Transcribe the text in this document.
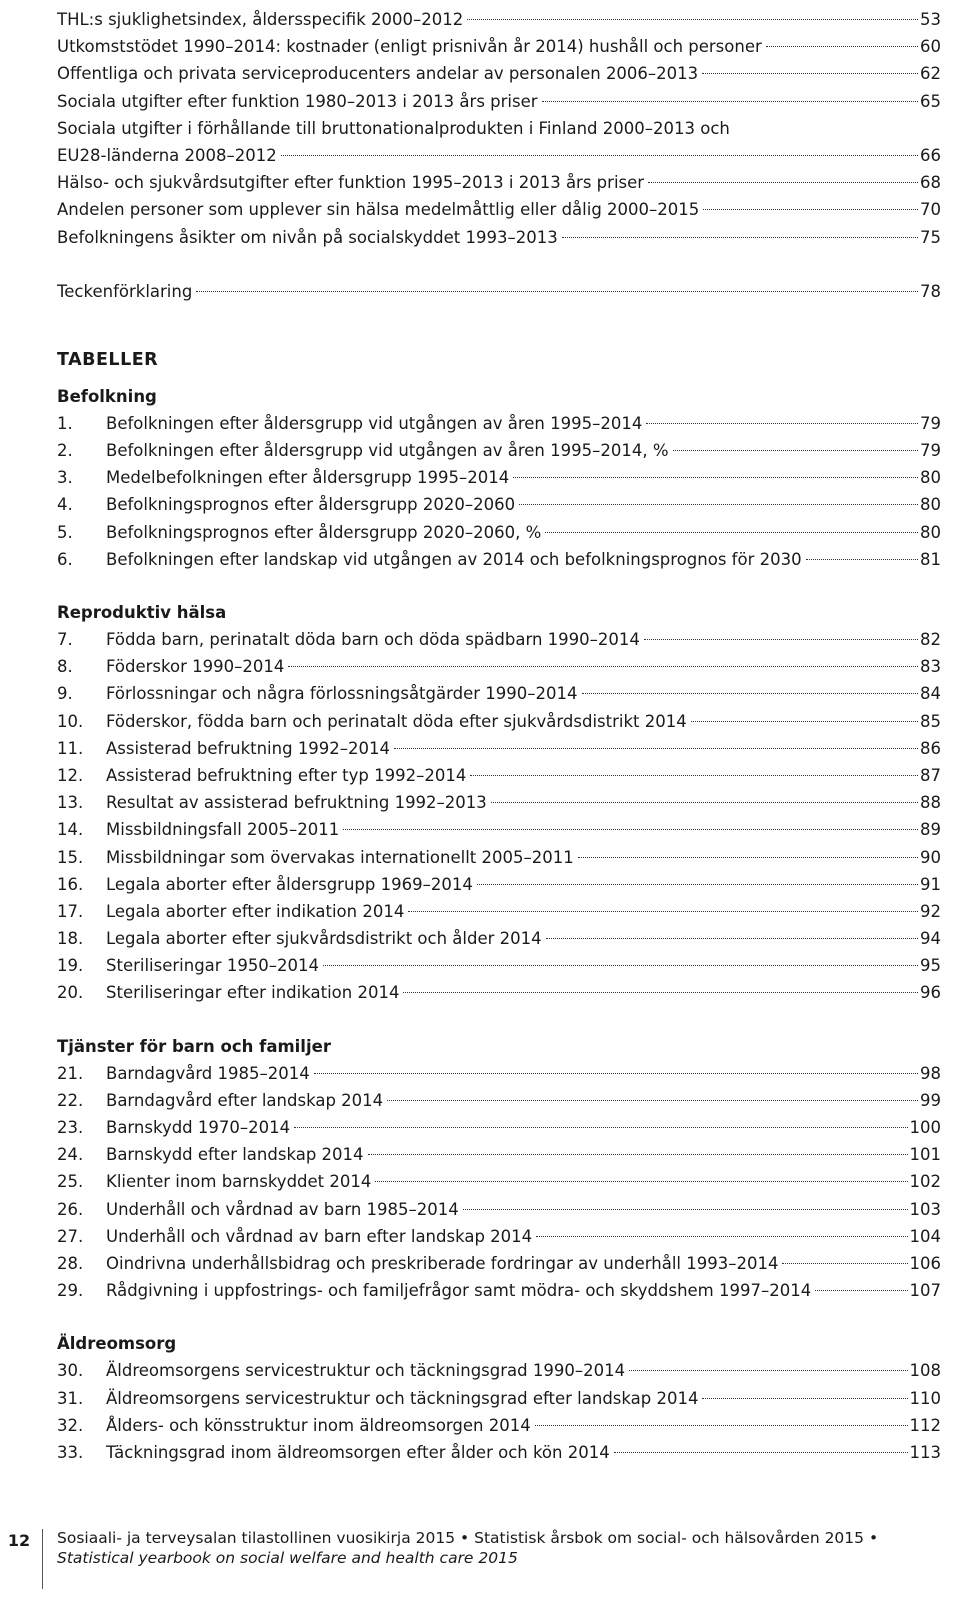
THL:s sjuklighetsindex, åldersspecifik 2000–2012	53
Utkomststödet 1990–2014: kostnader (enligt prisnivån år 2014) hushåll och personer	60
Offentliga och privata serviceproducenters andelar av personalen 2006–2013	62
Sociala utgifter efter funktion 1980–2013 i 2013 års priser	65
Sociala utgifter i förhållande till bruttonationalprodukten i Finland 2000–2013 och
EU28-länderna 2008–2012	66
Hälso- och sjukvårdsutgifter efter funktion 1995–2013 i 2013 års priser	68
Andelen personer som upplever sin hälsa medelmåttlig eller dålig 2000–2015	70
Befolkningens åsikter om nivån på socialskyddet 1993–2013	75
Teckenförklaring	78
TABELLER
Befolkning
1.	Befolkningen efter åldersgrupp vid utgången av åren 1995–2014	79
2.	Befolkningen efter åldersgrupp vid utgången av åren 1995–2014, %	79
3.	Medelbefolkningen efter åldersgrupp 1995–2014	80
4.	Befolkningsprognos efter åldersgrupp 2020–2060	80
5.	Befolkningsprognos efter åldersgrupp 2020–2060, %	80
6.	Befolkningen efter landskap vid utgången av 2014 och befolkningsprognos för 2030	81
Reproduktiv hälsa
7.	Födda barn, perinatalt döda barn och döda spädbarn 1990–2014	82
8.	Föderskor 1990–2014	83
9.	Förlossningar och några förlossningsåtgärder 1990–2014	84
10.	Föderskor, födda barn och perinatalt döda efter sjukvårdsdistrikt 2014	85
11.	Assisterad befruktning 1992–2014	86
12.	Assisterad befruktning efter typ 1992–2014	87
13.	Resultat av assisterad befruktning 1992–2013	88
14.	Missbildningsfall 2005–2011	89
15.	Missbildningar som övervakas internationellt 2005–2011	90
16.	Legala aborter efter åldersgrupp 1969–2014	91
17.	Legala aborter efter indikation 2014	92
18.	Legala aborter efter sjukvårdsdistrikt och ålder 2014	94
19.	Steriliseringar 1950–2014	95
20.	Steriliseringar efter indikation 2014	96
Tjänster för barn och familjer
21.	Barndagvård 1985–2014	98
22.	Barndagvård efter landskap 2014	99
23.	Barnskydd 1970–2014	100
24.	Barnskydd efter landskap 2014	101
25.	Klienter inom barnskyddet 2014	102
26.	Underhåll och vårdnad av barn 1985–2014	103
27.	Underhåll och vårdnad av barn efter landskap 2014	104
28.	Oindrivna underhållsbidrag och preskriberade fordringar av underhåll 1993–2014	106
29.	Rådgivning i uppfostrings- och familjefrågor samt mödra- och skyddshem 1997–2014	107
Äldreomsorg
30.	Äldreomsorgens servicestruktur och täckningsgrad 1990–2014	108
31.	Äldreomsorgens servicestruktur och täckningsgrad efter landskap 2014	110
32.	Ålders- och könsstruktur inom äldreomsorgen 2014	112
33.	Täckningsgrad inom äldreomsorgen efter ålder och kön 2014	113
12	Sosiaali- ja terveysalan tilastollinen vuosikirja 2015 • Statistisk årsbok om social- och hälsovården 2015 •
Statistical yearbook on social welfare and health care 2015
